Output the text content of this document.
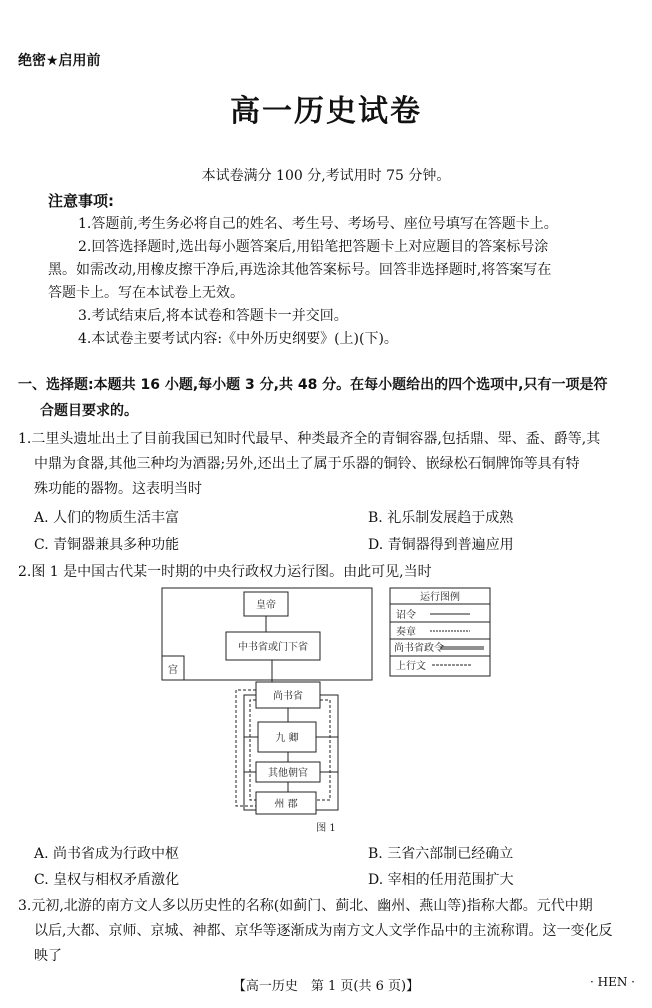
绝密★启用前
高一历史试卷
本试卷满分 100 分,考试用时 75 分钟。
注意事项:
1.答题前,考生务必将自己的姓名、考生号、考场号、座位号填写在答题卡上。
2.回答选择题时,选出每小题答案后,用铅笔把答题卡上对应题目的答案标号涂
黑。如需改动,用橡皮擦干净后,再选涂其他答案标号。回答非选择题时,将答案写在
答题卡上。写在本试卷上无效。
3.考试结束后,将本试卷和答题卡一并交回。
4.本试卷主要考试内容:《中外历史纲要》(上)(下)。
一、选择题:本题共 16 小题,每小题 3 分,共 48 分。在每小题给出的四个选项中,只有一项是符
合题目要求的。
1.二里头遗址出土了目前我国已知时代最早、种类最齐全的青铜容器,包括鼎、斝、盉、爵等,其
中鼎为食器,其他三种均为酒器;另外,还出土了属于乐器的铜铃、嵌绿松石铜牌饰等具有特
殊功能的器物。这表明当时
A. 人们的物质生活丰富	B. 礼乐制发展趋于成熟
C. 青铜器兼具多种功能	D. 青铜器得到普遍应用
2.图 1 是中国古代某一时期的中央行政权力运行图。由此可见,当时
皇帝
中书省或门下省
宫
尚书省
九 卿
其他朝官
州 郡
图 1
运行图例
诏令
奏章
尚书省政令
上行文
A. 尚书省成为行政中枢	B. 三省六部制已经确立
C. 皇权与相权矛盾激化	D. 宰相的任用范围扩大
3.元初,北游的南方文人多以历史性的名称(如蓟门、蓟北、幽州、燕山等)指称大都。元代中期
以后,大都、京师、京城、神都、京华等逐渐成为南方文人文学作品中的主流称谓。这一变化反
映了
【高一历史　第 1 页(共 6 页)】	· HEN ·
